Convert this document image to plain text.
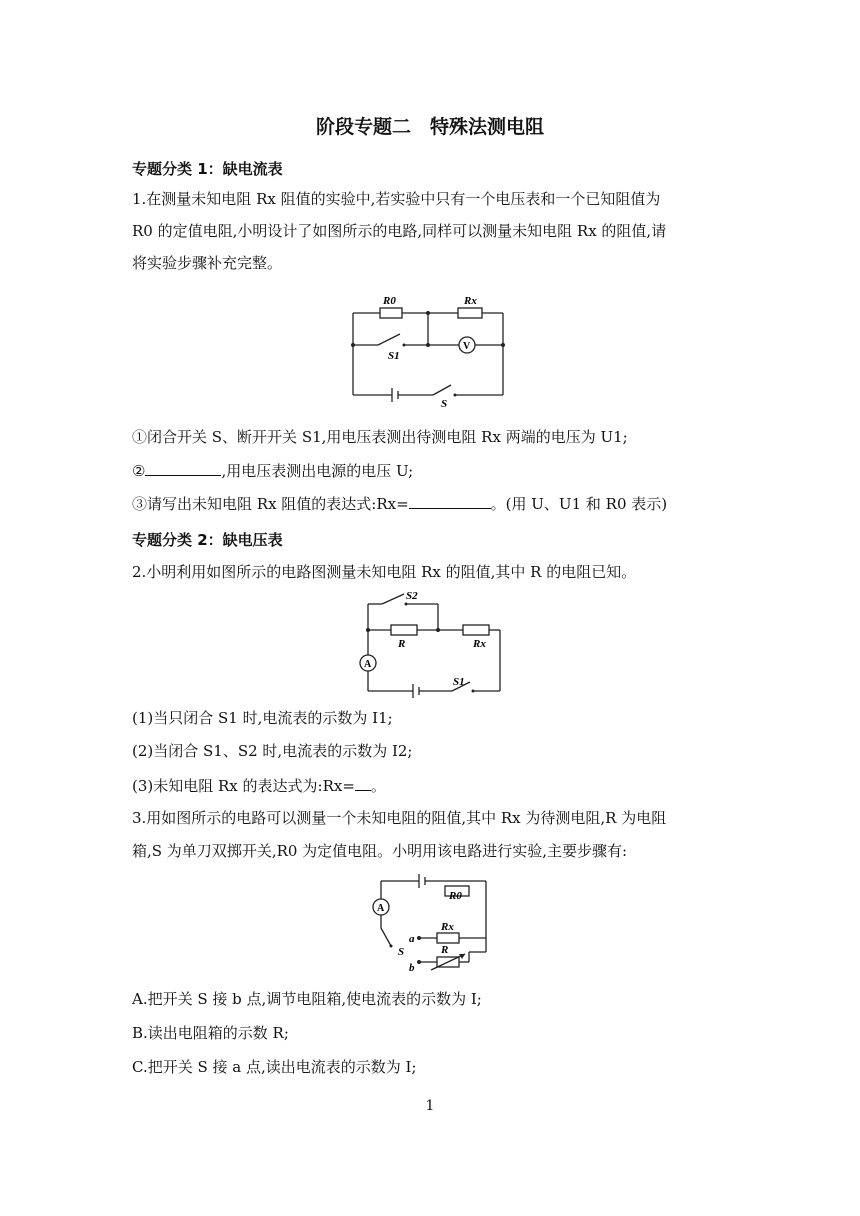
阶段专题二　特殊法测电阻
专题分类 1：缺电流表
1.在测量未知电阻 Rx 阻值的实验中,若实验中只有一个电压表和一个已知阻值为
R0 的定值电阻,小明设计了如图所示的电路,同样可以测量未知电阻 Rx 的阻值,请
将实验步骤补充完整。
R0	Rx
S1
V
S
①闭合开关 S、断开开关 S1,用电压表测出待测电阻 Rx 两端的电压为 U1;
②	,用电压表测出电源的电压 U;
③请写出未知电阻 Rx 阻值的表达式:Rx=	。(用 U、U1 和 R0 表示)
专题分类 2：缺电压表
2.小明利用如图所示的电路图测量未知电阻 Rx 的阻值,其中 R 的电阻已知。
S2
R	Rx
A
S1
(1)当只闭合 S1 时,电流表的示数为 I1;
(2)当闭合 S1、S2 时,电流表的示数为 I2;
(3)未知电阻 Rx 的表达式为:Rx= 。
3.用如图所示的电路可以测量一个未知电阻的阻值,其中 Rx 为待测电阻,R 为电阻
箱,S 为单刀双掷开关,R0 为定值电阻。小明用该电路进行实验,主要步骤有:
A
R0
a
Rx
S
b
R
A.把开关 S 接 b 点,调节电阻箱,使电流表的示数为 I;
B.读出电阻箱的示数 R;
C.把开关 S 接 a 点,读出电流表的示数为 I;
1
